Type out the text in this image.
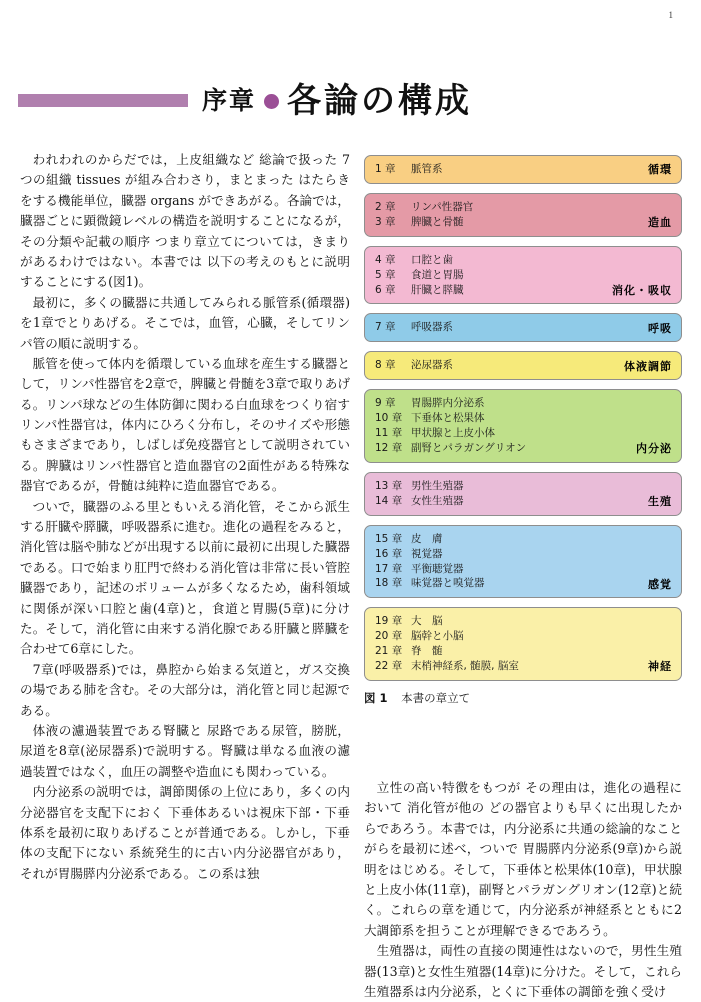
1
序章 各論の構成

われわれのからだでは，上皮組織など 総論で扱った 7つの組織 tissues が組み合わさり，まとまった はたらきをする機能単位，臓器 organs ができあがる。各論では，臓器ごとに顕微鏡レベルの構造を説明することになるが，その分類や記載の順序 つまり章立てについては，きまりがあるわけではない。本書では 以下の考えのもとに説明することにする(図1)。

最初に，多くの臓器に共通してみられる脈管系(循環器)を1章でとりあげる。そこでは，血管，心臓，そしてリンパ管の順に説明する。

脈管を使って体内を循環している血球を産生する臓器として，リンパ性器官を2章で，脾臓と骨髄を3章で取りあげる。リンパ球などの生体防御に関わる白血球をつくり宿すリンパ性器官は，体内にひろく分布し，そのサイズや形態もさまざまであり，しばしば免疫器官として説明されている。脾臓はリンパ性器官と造血器官の2面性がある特殊な器官であるが，骨髄は純粋に造血器官である。

ついで，臓器のふる里ともいえる消化管，そこから派生する肝臓や膵臓，呼吸器系に進む。進化の過程をみると，消化管は脳や肺などが出現する以前に最初に出現した臓器である。口で始まり肛門で終わる消化管は非常に長い管腔臓器であり，記述のボリュームが多くなるため，歯科領域に関係が深い口腔と歯(4章)と，食道と胃腸(5章)に分けた。そして，消化管に由来する消化腺である肝臓と膵臓を合わせて6章にした。

7章(呼吸器系)では，鼻腔から始まる気道と，ガス交換の場である肺を含む。その大部分は，消化管と同じ起源である。

体液の濾過装置である腎臓と 尿路である尿管，膀胱，尿道を8章(泌尿器系)で説明する。腎臓は単なる血液の濾過装置ではなく，血圧の調整や造血にも関わっている。

内分泌系の説明では，調節関係の上位にあり，多くの内分泌器官を支配下におく 下垂体あるいは視床下部・下垂体系を最初に取りあげることが普通である。しかし，下垂体の支配下にない 系統発生的に古い内分泌器官があり，それが胃腸膵内分泌系である。この系は独

1 章 脈管系	循環
2 章 リンパ性器官
3 章 脾臓と骨髄	造血
4 章 口腔と歯
5 章 食道と胃腸
6 章 肝臓と膵臓	消化・吸収
7 章 呼吸器系	呼吸
8 章 泌尿器系	体液調節
9 章 胃腸膵内分泌系
10 章 下垂体と松果体
11 章 甲状腺と上皮小体
12 章 副腎とパラガングリオン	内分泌
13 章 男性生殖器
14 章 女性生殖器	生殖
15 章 皮　膚
16 章 視覚器
17 章 平衡聴覚器
18 章 味覚器と嗅覚器	感覚
19 章 大　脳
20 章 脳幹と小脳
21 章 脊　髄
22 章 末梢神経系, 髄膜, 脳室	神経
図 1 本書の章立て

立性の高い特徴をもつが その理由は，進化の過程において 消化管が他の どの器官よりも早くに出現したからであろう。本書では，内分泌系に共通の総論的なことがらを最初に述べ，ついで 胃腸膵内分泌系(9章)から説明をはじめる。そして，下垂体と松果体(10章)，甲状腺と上皮小体(11章)，副腎とパラガングリオン(12章)と続く。これらの章を通じて，内分泌系が神経系とともに2大調節系を担うことが理解できるであろう。

生殖器は，両性の直接の関連性はないので，男性生殖器(13章)と女性生殖器(14章)に分けた。そして，これら生殖器系は内分泌系，とくに下垂体の調節を強く受け
